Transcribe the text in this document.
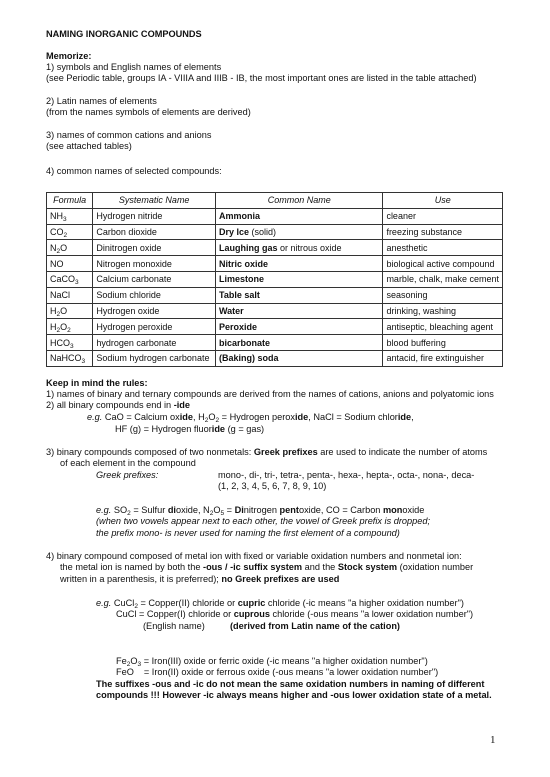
NAMING INORGANIC COMPOUNDS
Memorize:
1) symbols and English names of elements
(see Periodic table, groups IA - VIIIA and IIIB - IB, the most important ones are listed in the table attached)
2) Latin names of elements
(from the names symbols of elements are derived)
3) names of common cations and anions
(see attached tables)
4) common names of selected compounds:
Formula	Systematic Name	Common Name	Use
$NH_3$	Hydrogen nitride	Ammonia	cleaner
$CO_2$	Carbon dioxide	Dry Ice (solid)	freezing substance
$N_2O$	Dinitrogen oxide	Laughing gas or nitrous oxide	anesthetic
NO	Nitrogen monoxide	Nitric oxide	biological active compound
CaCO$_3$	Calcium carbonate	Limestone	marble, chalk, make cement
NaCl	Sodium chloride	Table salt	seasoning
$H_2O$	Hydrogen oxide	Water	drinking, washing
$H_2O_2$	Hydrogen peroxide	Peroxide	antiseptic, bleaching agent
$HCO_3$	hydrogen carbonate	bicarbonate	blood buffering
NaHCO$_3$	Sodium hydrogen carbonate	(Baking) soda	antacid, fire extinguisher
Keep in mind the rules:
1) names of binary and ternary compounds are derived from the names of cations, anions and polyatomic ions
2) all binary compounds end in -ide
e.g. CaO = Calcium oxide, $H_2O_2$ = Hydrogen peroxide, NaCl = Sodium chloride,
HF (g) = Hydrogen fluoride (g = gas)
3) binary compounds composed of two nonmetals: Greek prefixes are used to indicate the number of atoms
of each element in the compound
Greek prefixes:	mono-, di-, tri-, tetra-, penta-, hexa-, hepta-, octa-, nona-, deca-
(1, 2, 3, 4, 5, 6, 7, 8, 9, 10)
e.g. $SO_2$ = Sulfur dioxide, $N_2O_5$ = Dinitrogen pentoxide, CO = Carbon monoxide
(when two vowels appear next to each other, the vowel of Greek prefix is dropped;
the prefix mono- is never used for naming the first element of a compound)
4) binary compound composed of metal ion with fixed or variable oxidation numbers and nonmetal ion:
the metal ion is named by both the -ous / -ic suffix system and the Stock system (oxidation number
written in a parenthesis, it is preferred); no Greek prefixes are used
e.g. CuCl$_2$ = Copper(II) chloride or cupric chloride (-ic means "a higher oxidation number")
CuCl = Copper(I) chloride or cuprous chloride (-ous means "a lower oxidation number")
(English name)	(derived from Latin name of the cation)
$Fe_2O_3$ = Iron(III) oxide or ferric oxide (-ic means "a higher oxidation number")
FeO = Iron(II) oxide or ferrous oxide (-ous means "a lower oxidation number")
The suffixes -ous and -ic do not mean the same oxidation numbers in naming of different
compounds !!! However -ic always means higher and -ous lower oxidation state of a metal.
1
